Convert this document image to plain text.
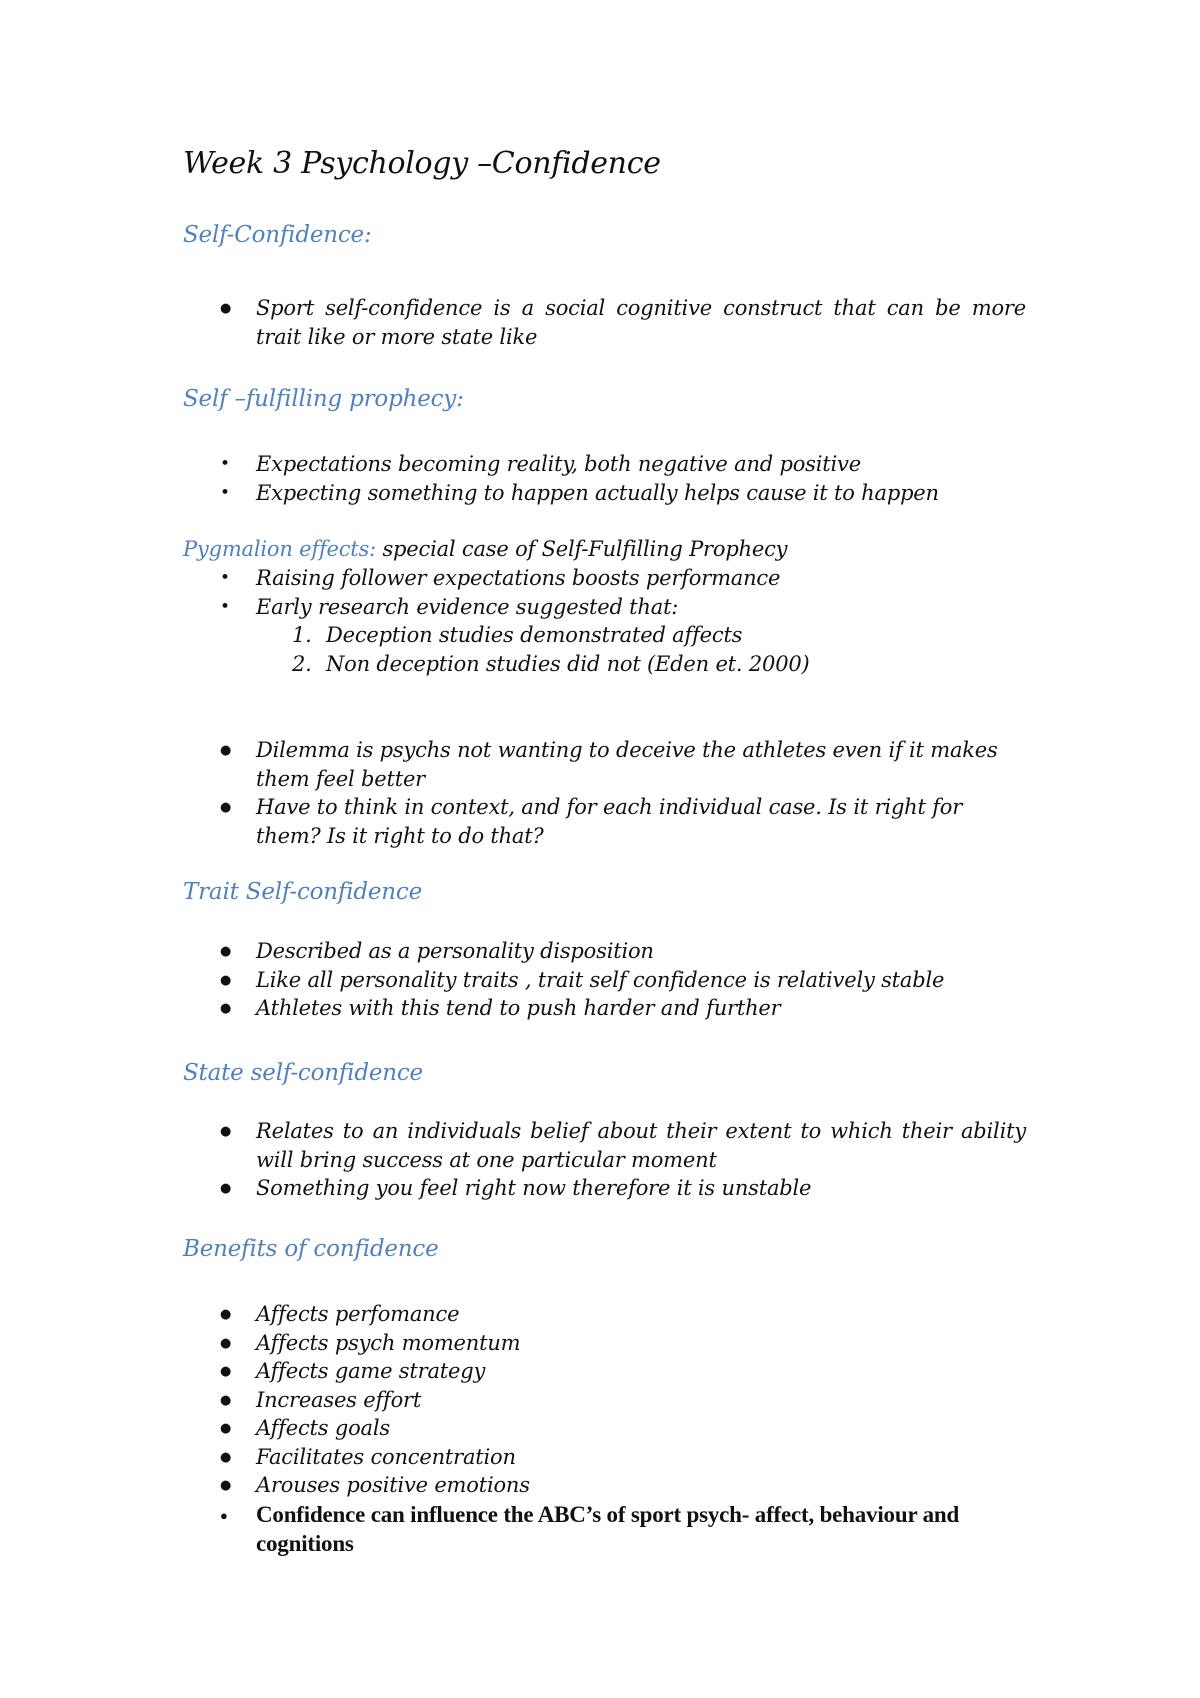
Week 3 Psychology –Confidence
Self-Confidence:
● Sport self-confidence is a social cognitive construct that can be more trait like or more state like
Self –fulfilling prophecy:
• Expectations becoming reality, both negative and positive
• Expecting something to happen actually helps cause it to happen
Pygmalion effects: special case of Self-Fulfilling Prophecy
• Raising follower expectations boosts performance
• Early research evidence suggested that:
1. Deception studies demonstrated affects
2. Non deception studies did not (Eden et. 2000)
● Dilemma is psychs not wanting to deceive the athletes even if it makes them feel better
● Have to think in context, and for each individual case. Is it right for them? Is it right to do that?
Trait Self-confidence
● Described as a personality disposition
● Like all personality traits , trait self confidence is relatively stable
● Athletes with this tend to push harder and further
State self-confidence
● Relates to an individuals belief about their extent to which their ability will bring success at one particular moment
● Something you feel right now therefore it is unstable
Benefits of confidence
● Affects perfomance
● Affects psych momentum
● Affects game strategy
● Increases effort
● Affects goals
● Facilitates concentration
● Arouses positive emotions
● Confidence can influence the ABC’s of sport psych- affect, behaviour and cognitions
